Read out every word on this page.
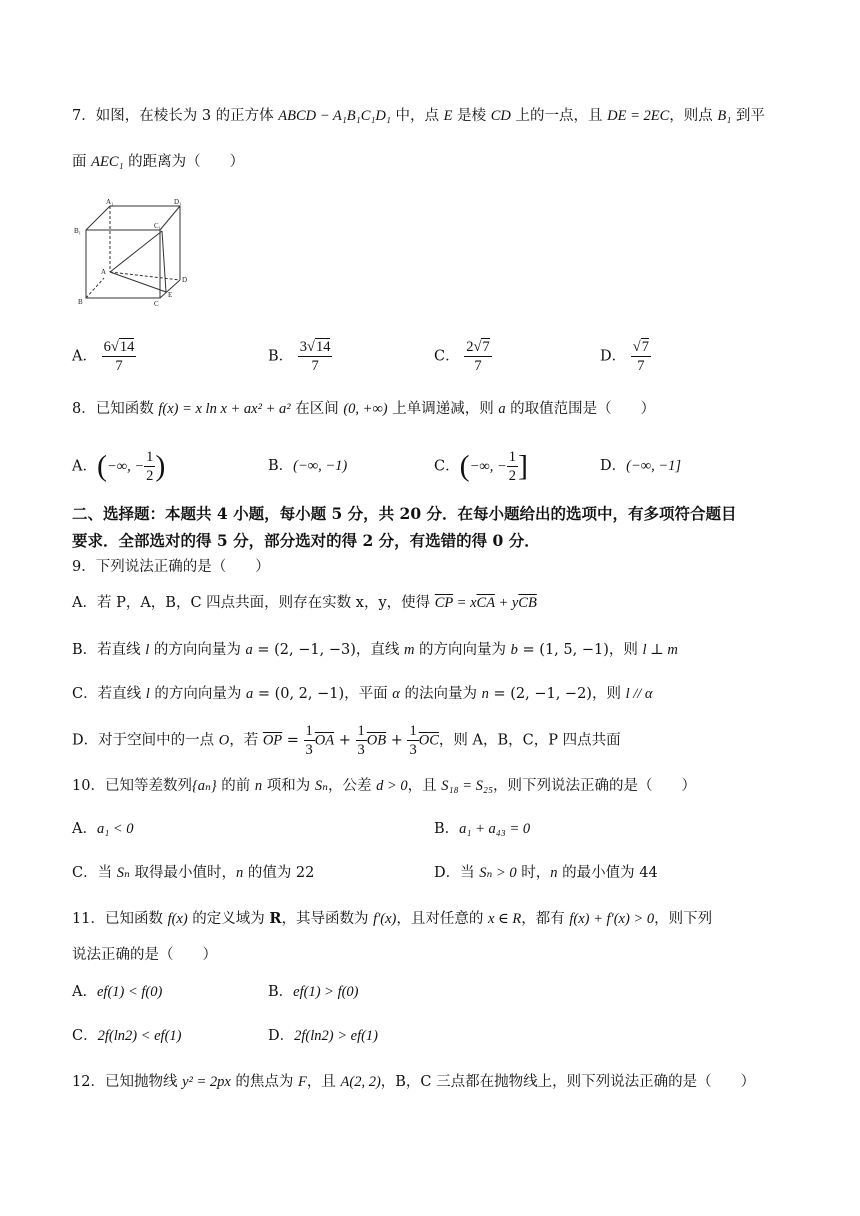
7．如图，在棱长为 3 的正方体 ABCD − A₁B₁C₁D₁ 中，点 E 是棱 CD 上的一点，且 DE = 2EC，则点 B₁ 到平
面 AEC₁ 的距离为（　　）
A₁	D₁
B₁
C₁
A
D
B	C
E
A． $\frac{6√14}{7}$	B． $\frac{3√14}{7}$	C． $\frac{2√7}{7}$	D． $\frac{√7}{7}$
8．已知函数 f(x) = x ln x + ax² + a² 在区间 (0, +∞) 上单调递减，则 a 的取值范围是（　　）
A．(−∞, − $\frac{1}{2}$ )	B．(−∞, −1)	C．(−∞, − $\frac{1}{2}$ ]	D．(−∞, −1]
二、选择题：本题共 4 小题，每小题 5 分，共 20 分．在每小题给出的选项中，有多项符合题目
要求．全部选对的得 5 分，部分选对的得 2 分，有选错的得 0 分．
9．下列说法正确的是（　　）
A．若 P，A，B，C 四点共面，则存在实数 x，y，使得 $\overline{CP} = x\overline{CA} + y\overline{CB}$
B．若直线 l 的方向向量为 a = (2, −1, −3)，直线 m 的方向向量为 b = (1, 5, −1)，则 l ⊥ m
C．若直线 l 的方向向量为 a = (0, 2, −1)，平面 α 的法向量为 n = (2, −1, −2)，则 l // α
D．对于空间中的一点 O，若 $\overline{OP} = \frac{1}{3} \overline{OA} + \frac{1}{3} \overline{OB} + \frac{1}{3} \overline{OC}$，则 A，B，C，P 四点共面
10．已知等差数列{aₙ} 的前 n 项和为 Sₙ，公差 d > 0，且 S₁₈ = S₂₅，则下列说法正确的是（　　）
A．a₁ < 0	B．a₁ + a₄₃ = 0
C．当 Sₙ 取得最小值时，n 的值为 22	D．当 Sₙ > 0 时，n 的最小值为 44
11．已知函数 f(x) 的定义域为 R，其导函数为 f′(x)，且对任意的 x ∈ R，都有 f(x) + f′(x) > 0，则下列
说法正确的是（　　）
A．ef(1) < f(0)	B．ef(1) > f(0)
C．2f(ln2) < ef(1)	D．2f(ln2) > ef(1)
12．已知抛物线 y² = 2px 的焦点为 F，且 A(2, 2)，B，C 三点都在抛物线上，则下列说法正确的是（　　）
